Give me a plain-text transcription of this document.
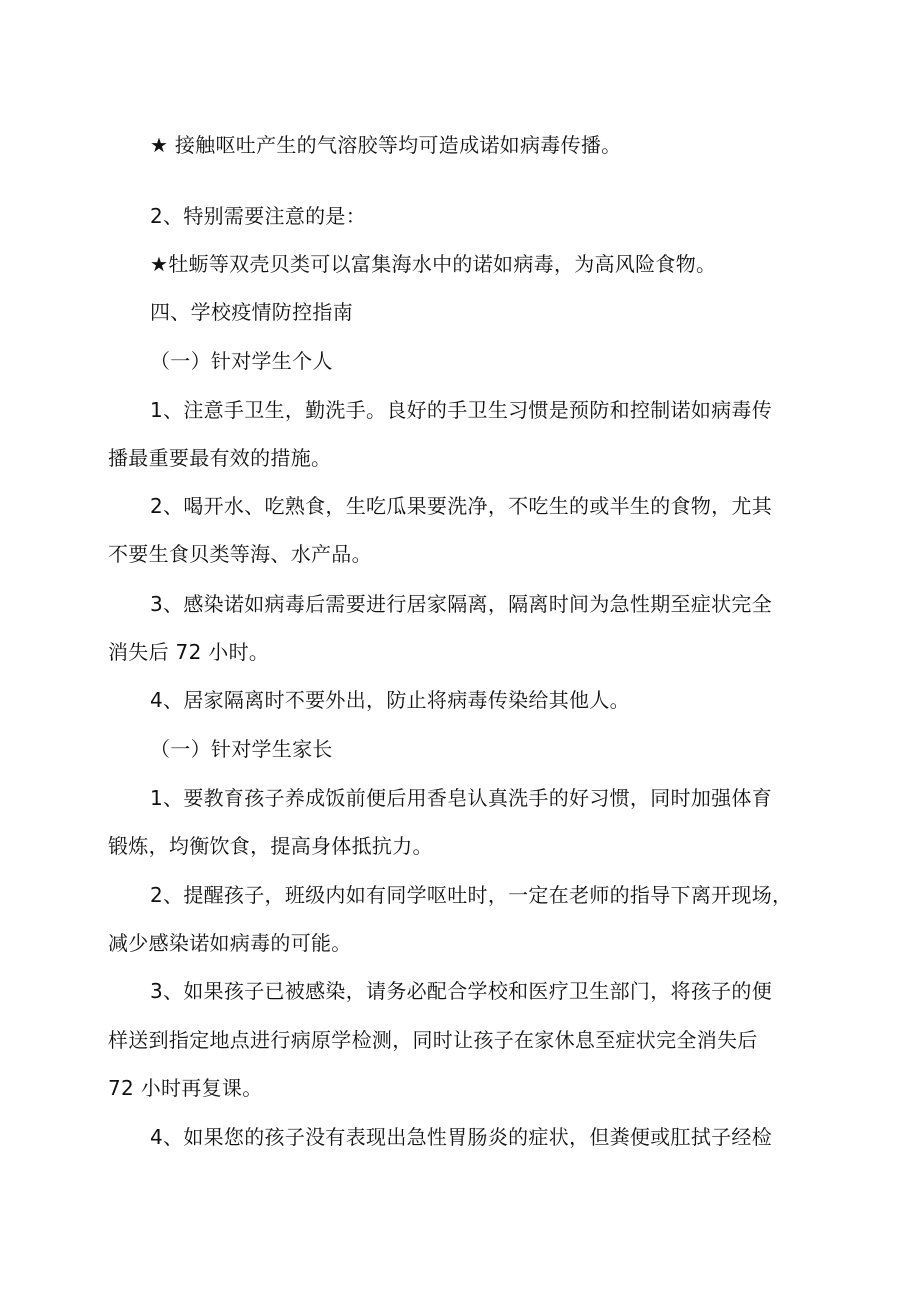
★ 接触呕吐产生的气溶胶等均可造成诺如病毒传播。
2、特别需要注意的是：
★牡蛎等双壳贝类可以富集海水中的诺如病毒，为高风险食物。
四、学校疫情防控指南
（一）针对学生个人
1、注意手卫生，勤洗手。良好的手卫生习惯是预防和控制诺如病毒传
播最重要最有效的措施。
2、喝开水、吃熟食，生吃瓜果要洗净，不吃生的或半生的食物，尤其
不要生食贝类等海、水产品。
3、感染诺如病毒后需要进行居家隔离，隔离时间为急性期至症状完全
消失后 72 小时。
4、居家隔离时不要外出，防止将病毒传染给其他人。
（一）针对学生家长
1、要教育孩子养成饭前便后用香皂认真洗手的好习惯，同时加强体育
锻炼，均衡饮食，提高身体抵抗力。
2、提醒孩子，班级内如有同学呕吐时，一定在老师的指导下离开现场，
减少感染诺如病毒的可能。
3、如果孩子已被感染，请务必配合学校和医疗卫生部门，将孩子的便
样送到指定地点进行病原学检测，同时让孩子在家休息至症状完全消失后
72 小时再复课。
4、如果您的孩子没有表现出急性胃肠炎的症状，但粪便或肛拭子经检
